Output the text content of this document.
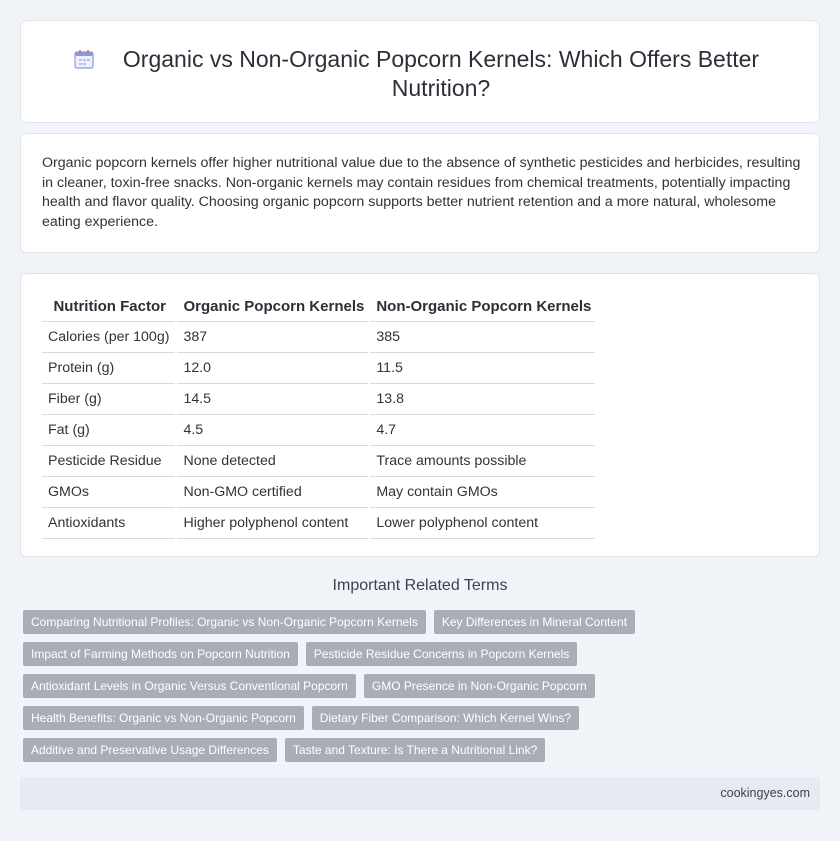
Organic vs Non-Organic Popcorn Kernels: Which Offers Better Nutrition?

Organic popcorn kernels offer higher nutritional value due to the absence of synthetic pesticides and herbicides, resulting in cleaner, toxin-free snacks. Non-organic kernels may contain residues from chemical treatments, potentially impacting health and flavor quality. Choosing organic popcorn supports better nutrient retention and a more natural, wholesome eating experience.

Nutrition Factor	Organic Popcorn Kernels	Non-Organic Popcorn Kernels
Calories (per 100g)	387	385
Protein (g)	12.0	11.5
Fiber (g)	14.5	13.8
Fat (g)	4.5	4.7
Pesticide Residue	None detected	Trace amounts possible
GMOs	Non-GMO certified	May contain GMOs
Antioxidants	Higher polyphenol content	Lower polyphenol content
Important Related Terms
Comparing Nutritional Profiles: Organic vs Non-Organic Popcorn Kernels	Key Differences in Mineral Content
Impact of Farming Methods on Popcorn Nutrition	Pesticide Residue Concerns in Popcorn Kernels
Antioxidant Levels in Organic Versus Conventional Popcorn	GMO Presence in Non-Organic Popcorn
Health Benefits: Organic vs Non-Organic Popcorn	Dietary Fiber Comparison: Which Kernel Wins?
Additive and Preservative Usage Differences	Taste and Texture: Is There a Nutritional Link?
cookingyes.com
